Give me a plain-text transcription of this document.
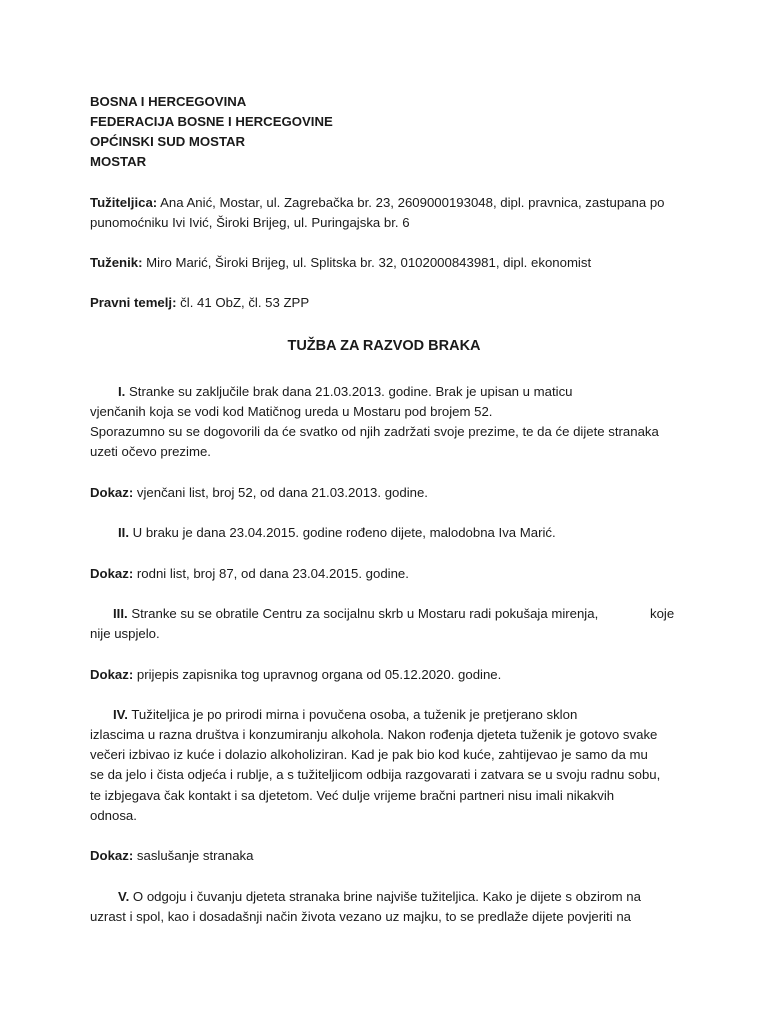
BOSNA I HERCEGOVINA
FEDERACIJA BOSNE I HERCEGOVINE
OPĆINSKI SUD MOSTAR
MOSTAR
Tužiteljica: Ana Anić, Mostar, ul. Zagrebačka br. 23, 2609000193048, dipl. pravnica, zastupana po
punomoćniku Ivi Ivić, Široki Brijeg, ul. Puringajska br. 6
Tuženik: Miro Marić, Široki Brijeg, ul. Splitska br. 32, 0102000843981, dipl. ekonomist
Pravni temelj: čl. 41 ObZ, čl. 53 ZPP
TUŽBA ZA RAZVOD BRAKA
I. Stranke su zaključile brak dana 21.03.2013. godine. Brak je upisan u maticu
vjenčanih koja se vodi kod Matičnog ureda u Mostaru pod brojem 52.
Sporazumno su se dogovorili da će svatko od njih zadržati svoje prezime, te da će dijete stranaka
uzeti očevo prezime.
Dokaz: vjenčani list, broj 52, od dana 21.03.2013. godine.
II. U braku je dana 23.04.2015. godine rođeno dijete, malodobna Iva Marić.
Dokaz: rodni list, broj 87, od dana 23.04.2015. godine.
III. Stranke su se obratile Centru za socijalnu skrb u Mostaru radi pokušaja mirenja,	koje
nije uspjelo.
Dokaz: prijepis zapisnika tog upravnog organa od 05.12.2020. godine.
IV. Tužiteljica je po prirodi mirna i povučena osoba, a tuženik je pretjerano sklon
izlascima u razna društva i konzumiranju alkohola. Nakon rođenja djeteta tuženik je gotovo svake
večeri izbivao iz kuće i dolazio alkoholiziran. Kad je pak bio kod kuće, zahtijevao je samo da mu
se da jelo i čista odjeća i rublje, a s tužiteljicom odbija razgovarati i zatvara se u svoju radnu sobu,
te izbjegava čak kontakt i sa djetetom. Već dulje vrijeme bračni partneri nisu imali nikakvih
odnosa.
Dokaz: saslušanje stranaka
V. O odgoju i čuvanju djeteta stranaka brine najviše tužiteljica. Kako je dijete s obzirom na
uzrast i spol, kao i dosadašnji način života vezano uz majku, to se predlaže dijete povjeriti na
